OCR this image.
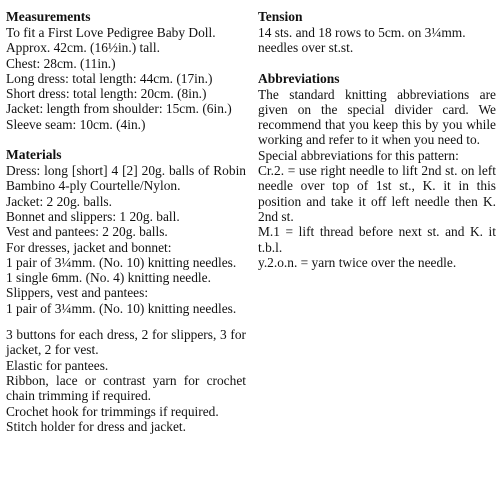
Measurements

To fit a First Love Pedigree Baby Doll.

Approx. 42cm. (16½in.) tall.

Chest: 28cm. (11in.)

Long dress: total length: 44cm. (17in.)

Short dress: total length: 20cm. (8in.)

Jacket: length from shoulder: 15cm. (6in.)

Sleeve seam: 10cm. (4in.)

Materials

Dress: long [short] 4 [2] 20g. balls of Robin Bambino 4-ply Courtelle/Nylon.

Jacket: 2 20g. balls.

Bonnet and slippers: 1 20g. ball.

Vest and pantees: 2 20g. balls.

For dresses, jacket and bonnet:

1 pair of 3¼mm. (No. 10) knitting needles.

1 single 6mm. (No. 4) knitting needle.

Slippers, vest and pantees:

1 pair of 3¼mm. (No. 10) knitting needles.

3 buttons for each dress, 2 for slippers, 3 for jacket, 2 for vest.

Elastic for pantees.

Ribbon, lace or contrast yarn for crochet chain trimming if required.

Crochet hook for trimmings if required.

Stitch holder for dress and jacket.

Tension

14 sts. and 18 rows to 5cm. on 3¼mm. needles over st.st.

Abbreviations

The standard knitting abbreviations are given on the special divider card. We recommend that you keep this by you while working and refer to it when you need to.

Special abbreviations for this pattern:

Cr.2. = use right needle to lift 2nd st. on left needle over top of 1st st., K. it in this position and take it off left needle then K. 2nd st.

M.1 = lift thread before next st. and K. it t.b.l.

y.2.o.n. = yarn twice over the needle.
